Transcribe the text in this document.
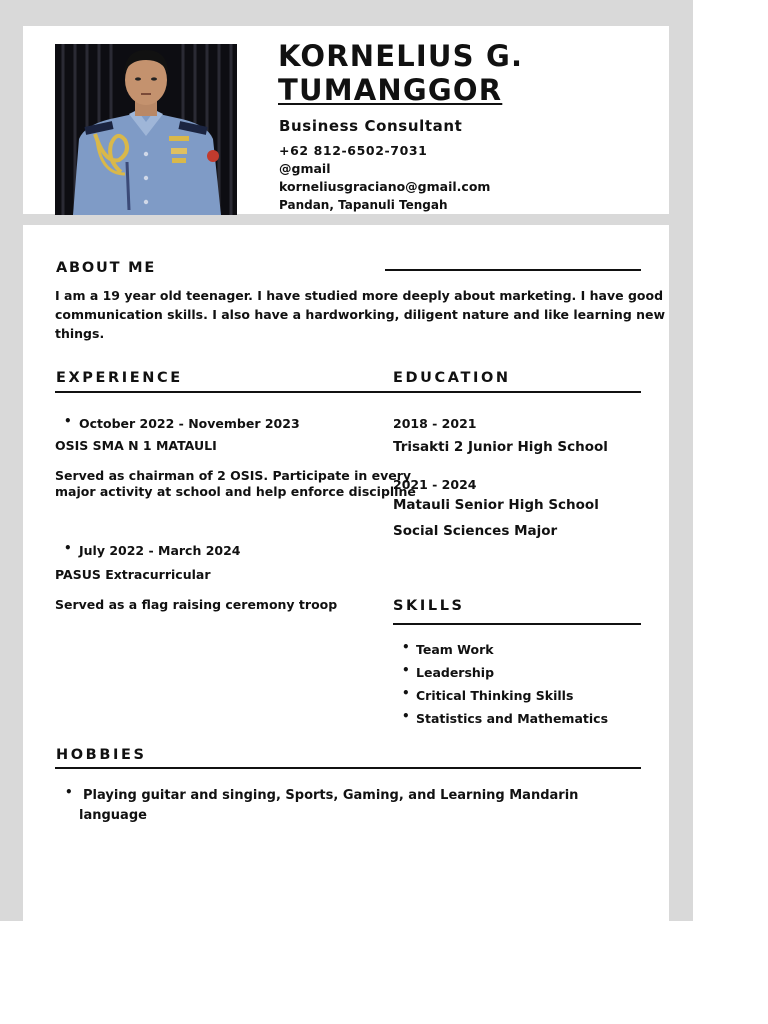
KORNELIUS G.
TUMANGGOR
Business Consultant
+62 812-6502-7031
@gmail
korneliusgraciano@gmail.com
Pandan, Tapanuli Tengah
ABOUT ME
I am a 19 year old teenager. I have studied more deeply about marketing. I have good communication skills. I also have a hardworking, diligent nature and like learning new things.
EXPERIENCE
• October 2022 - November 2023
OSIS SMA N 1 MATAULI
Served as chairman of 2 OSIS. Participate in every major activity at school and help enforce discipline
• July 2022 - March 2024
PASUS Extracurricular
Served as a flag raising ceremony troop
EDUCATION
2018 - 2021
Trisakti 2 Junior High School
2021 - 2024
Matauli Senior High School
Social Sciences Major
SKILLS
• Team Work
• Leadership
• Critical Thinking Skills
• Statistics and Mathematics
HOBBIES
• Playing guitar and singing, Sports, Gaming, and Learning Mandarin language
